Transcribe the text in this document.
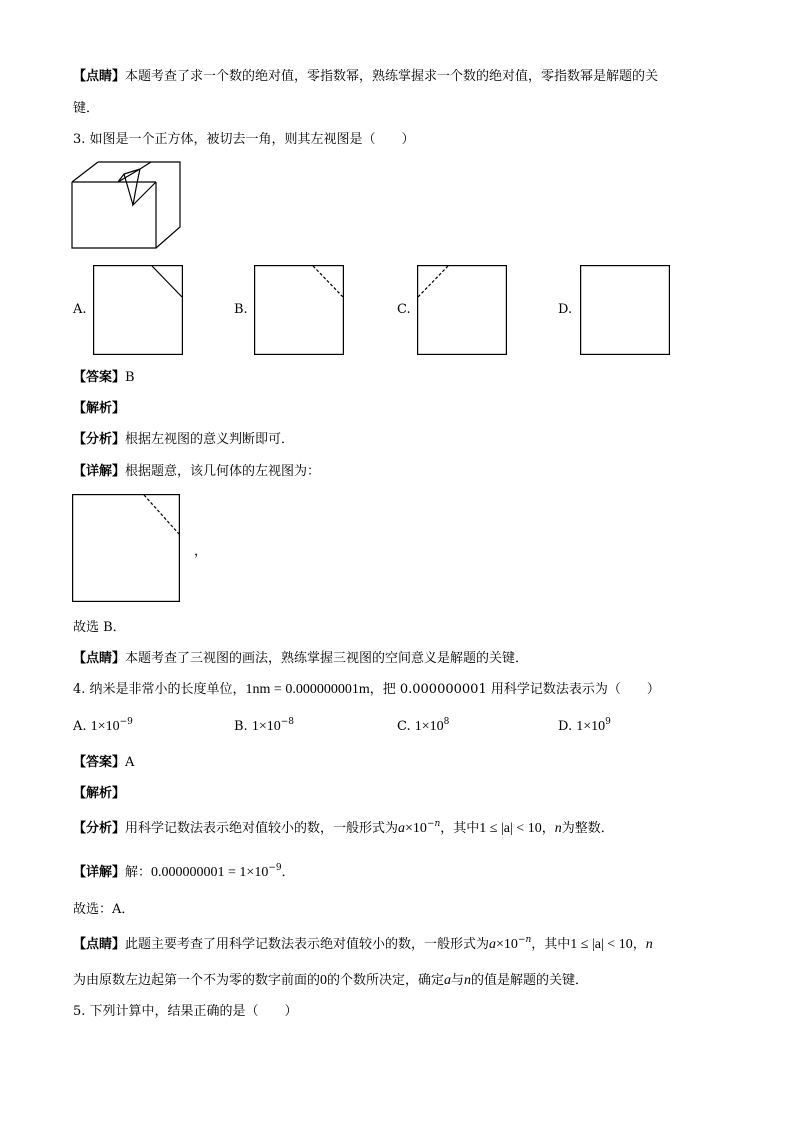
【点睛】本题考查了求一个数的绝对值，零指数幂，熟练掌握求一个数的绝对值，零指数幂是解题的关
键．
3. 如图是一个正方体，被切去一角，则其左视图是（　　）
A.	B.	C.	D.
【答案】B
【解析】
【分析】根据左视图的意义判断即可．
【详解】根据题意，该几何体的左视图为：
，
故选 B．
【点睛】本题考查了三视图的画法，熟练掌握三视图的空间意义是解题的关键．
4. 纳米是非常小的长度单位，1nm = 0.000000001m，把 0.000000001 用科学记数法表示为（　　）
A. $1\times 10^{-9}$	B. $1\times 10^{-8}$	C. $1\times 10^8$	D. $1\times 10^9$
【答案】A
【解析】
【分析】用科学记数法表示绝对值较小的数，一般形式为$a\times 10^{-n}$，其中1 ≤ |a| < 10，n为整数．
【详解】解：$0.000000001 = 1\times 10^{-9}$．
故选：A．
【点睛】此题主要考查了用科学记数法表示绝对值较小的数，一般形式为$a\times 10^{-n}$，其中1 ≤ |a| < 10，n
为由原数左边起第一个不为零的数字前面的0的个数所决定，确定a与n的值是解题的关键．
5. 下列计算中，结果正确的是（　　）
